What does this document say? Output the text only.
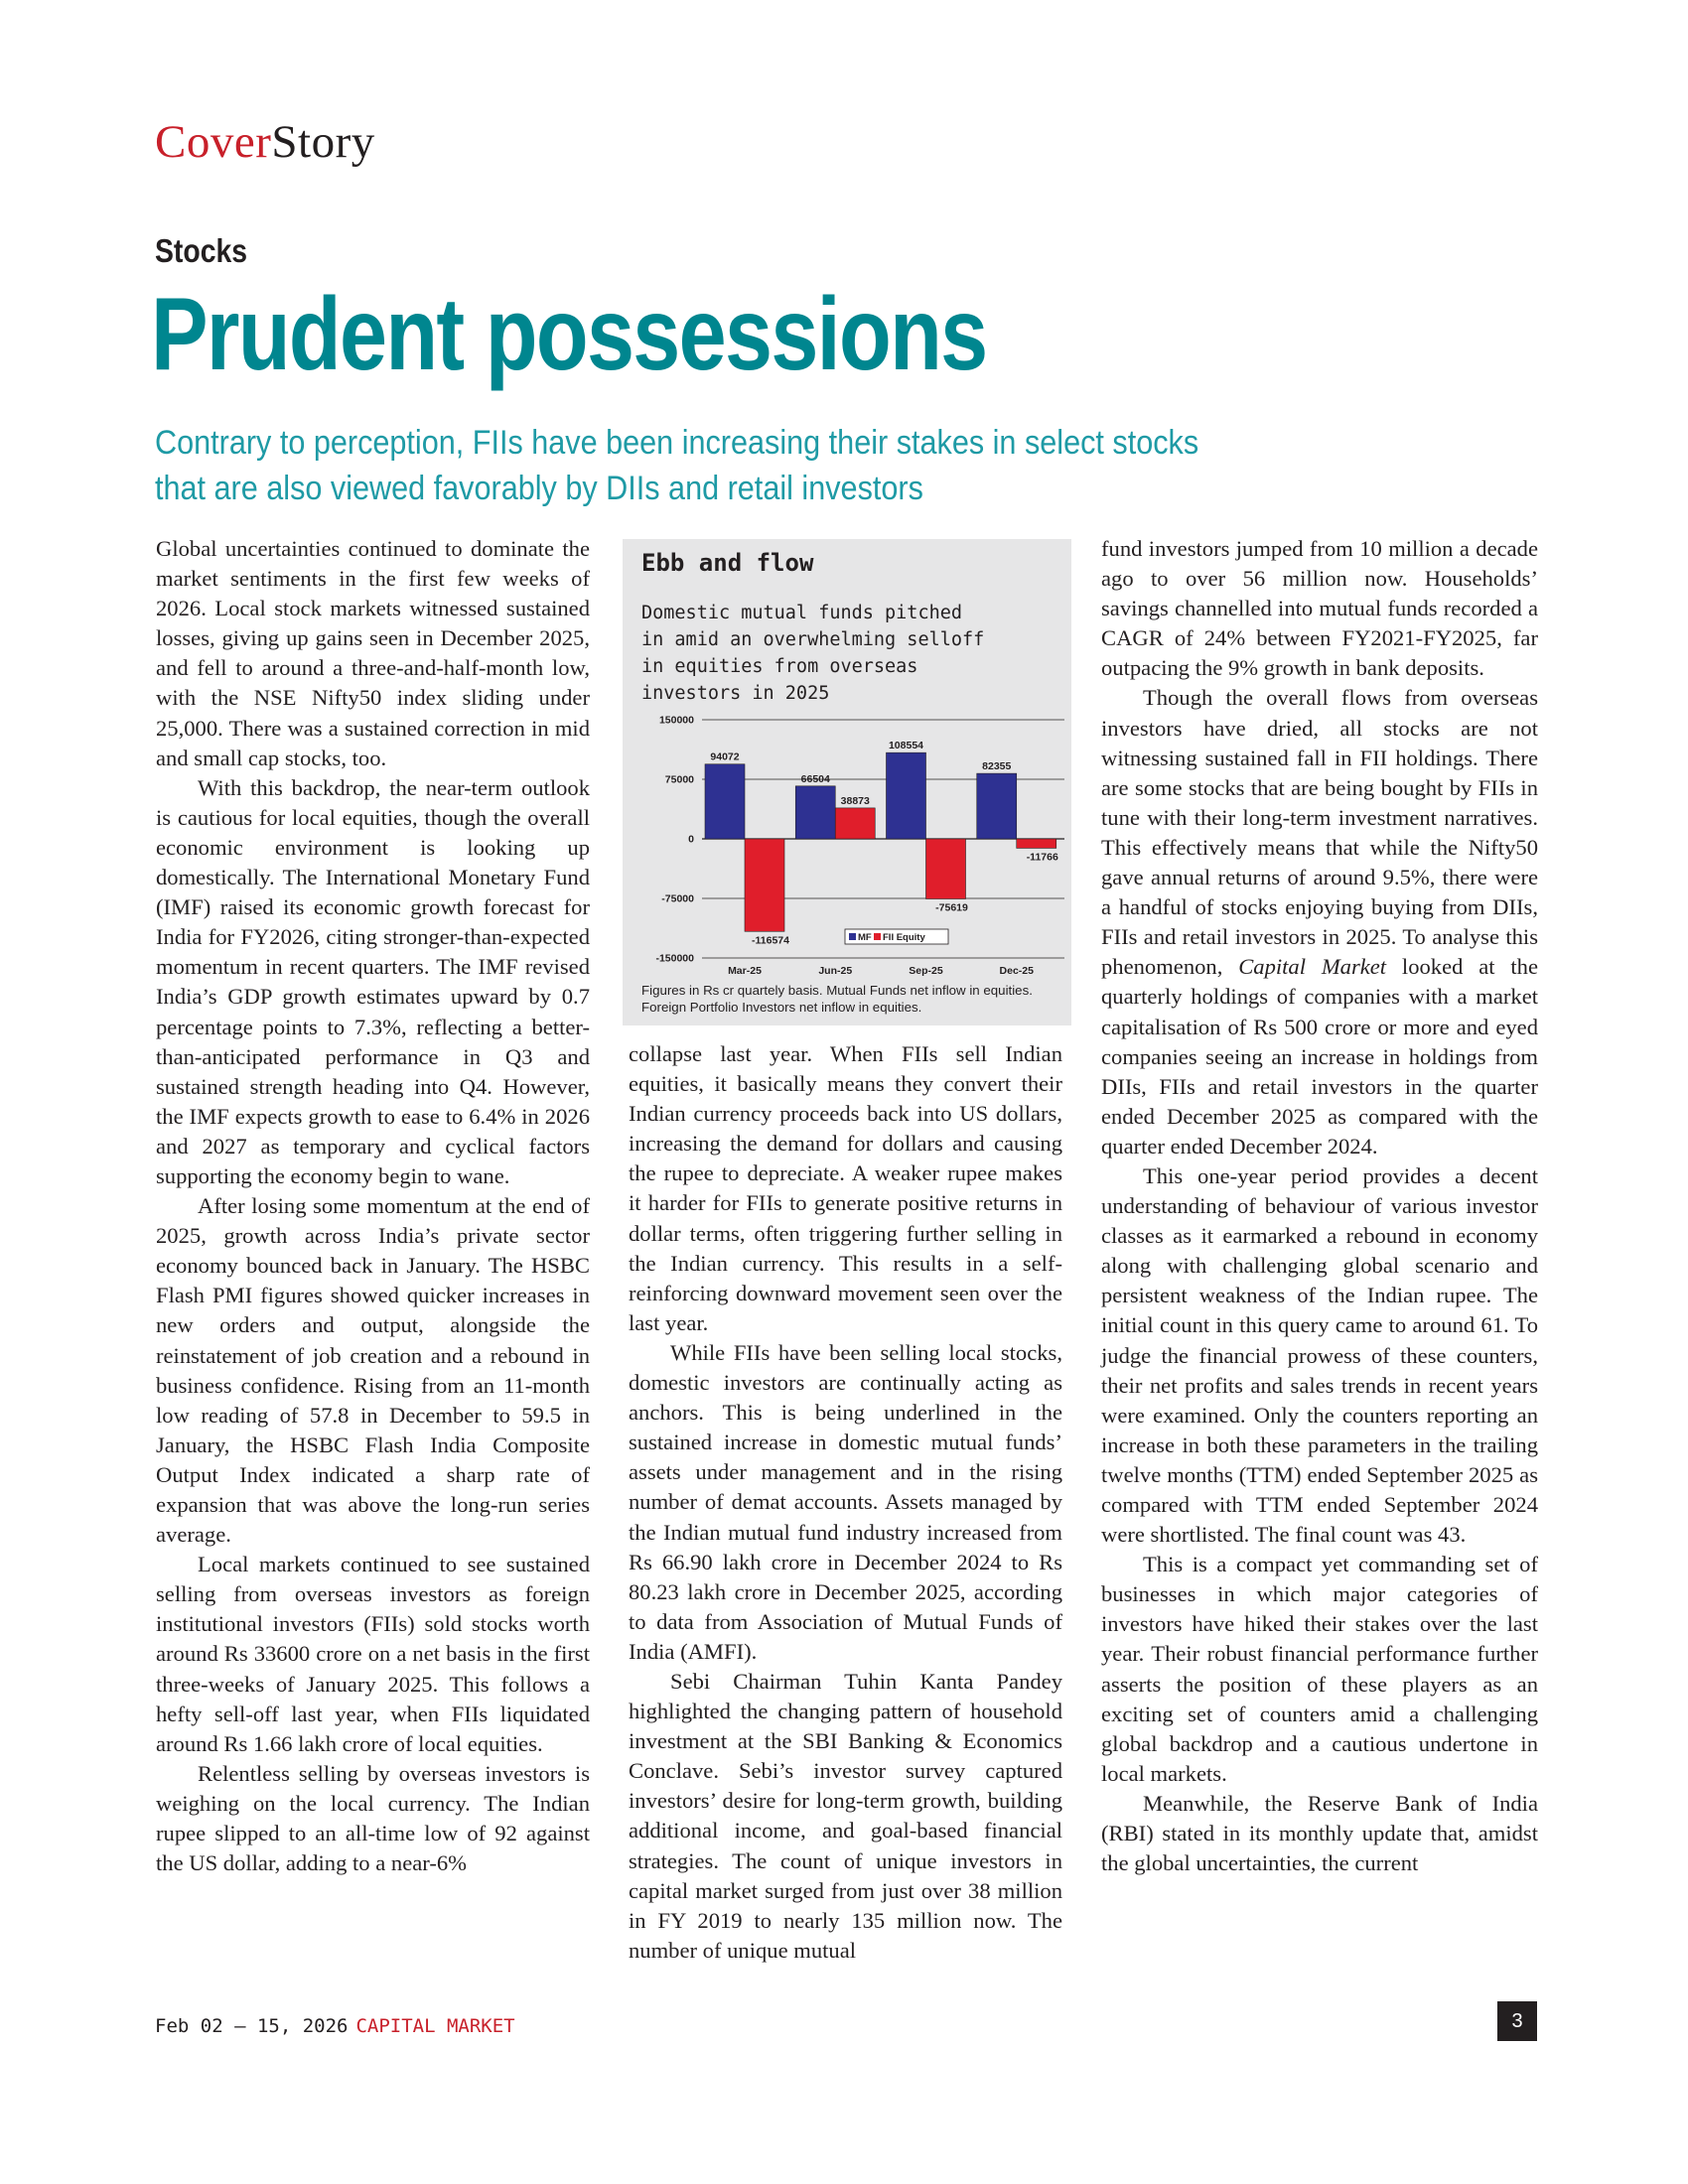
CoverStory
Stocks
Prudent possessions
Contrary to perception, FIIs have been increasing their stakes in select stocks
that are also viewed favorably by DIIs and retail investors

Global uncertainties continued to dominate the market sentiments in the first few weeks of 2026. Local stock markets witnessed sustained losses, giving up gains seen in December 2025, and fell to around a three-and-half-month low, with the NSE Nifty50 index sliding under 25,000. There was a sustained correction in mid and small cap stocks, too.

With this backdrop, the near-term outlook is cautious for local equities, though the overall economic environment is looking up domestically. The International Monetary Fund (IMF) raised its economic growth forecast for India for FY2026, citing stronger-than-expected momentum in recent quarters. The IMF revised India’s GDP growth estimates upward by 0.7 percentage points to 7.3%, reflecting a better-than-anticipated performance in Q3 and sustained strength heading into Q4. However, the IMF expects growth to ease to 6.4% in 2026 and 2027 as temporary and cyclical factors supporting the economy begin to wane.

After losing some momentum at the end of 2025, growth across India’s private sector economy bounced back in January. The HSBC Flash PMI figures showed quicker increases in new orders and output, alongside the reinstatement of job creation and a rebound in business confidence. Rising from an 11-month low reading of 57.8 in December to 59.5 in January, the HSBC Flash India Composite Output Index indicated a sharp rate of expansion that was above the long-run series average.

Local markets continued to see sustained selling from overseas investors as foreign institutional investors (FIIs) sold stocks worth around Rs 33600 crore on a net basis in the first three-weeks of January 2025. This follows a hefty sell-off last year, when FIIs liquidated around Rs 1.66 lakh crore of local equities.

Relentless selling by overseas investors is weighing on the local currency. The Indian rupee slipped to an all-time low of 92 against the US dollar, adding to a near-6%

Ebb and flow
Domestic mutual funds pitched
in amid an overwhelming selloff
in equities from overseas
investors in 2025
150000
75000
0
-75000
-150000
94072
-116574
Mar-25
66504
38873
Jun-25
108554
-75619
Sep-25
82355
-11766
Dec-25
MF FII Equity
Figures in Rs cr quartely basis. Mutual Funds net inflow in equities. Foreign Portfolio Investors net inflow in equities.

collapse last year. When FIIs sell Indian equities, it basically means they convert their Indian currency proceeds back into US dollars, increasing the demand for dollars and causing the rupee to depreciate. A weaker rupee makes it harder for FIIs to generate positive returns in dollar terms, often triggering further selling in the Indian currency. This results in a self-reinforcing downward movement seen over the last year.

While FIIs have been selling local stocks, domestic investors are continually acting as anchors. This is being underlined in the sustained increase in domestic mutual funds’ assets under management and in the rising number of demat accounts. Assets managed by the Indian mutual fund industry increased from Rs 66.90 lakh crore in December 2024 to Rs 80.23 lakh crore in December 2025, according to data from Association of Mutual Funds of India (AMFI).

Sebi Chairman Tuhin Kanta Pandey highlighted the changing pattern of household investment at the SBI Banking & Economics Conclave. Sebi’s investor survey captured investors’ desire for long-term growth, building additional income, and goal-based financial strategies. The count of unique investors in capital market surged from just over 38 million in FY 2019 to nearly 135 million now. The number of unique mutual

fund investors jumped from 10 million a decade ago to over 56 million now. Households’ savings channelled into mutual funds recorded a CAGR of 24% between FY2021-FY2025, far outpacing the 9% growth in bank deposits.

Though the overall flows from overseas investors have dried, all stocks are not witnessing sustained fall in FII holdings. There are some stocks that are being bought by FIIs in tune with their long-term investment narratives. This effectively means that while the Nifty50 gave annual returns of around 9.5%, there were a handful of stocks enjoying buying from DIIs, FIIs and retail investors in 2025. To analyse this phenomenon, Capital Market looked at the quarterly holdings of companies with a market capitalisation of Rs 500 crore or more and eyed companies seeing an increase in holdings from DIIs, FIIs and retail investors in the quarter ended December 2025 as compared with the quarter ended December 2024.

This one-year period provides a decent understanding of behaviour of various investor classes as it earmarked a rebound in economy along with challenging global scenario and persistent weakness of the Indian rupee. The initial count in this query came to around 61. To judge the financial prowess of these counters, their net profits and sales trends in recent years were examined. Only the counters reporting an increase in both these parameters in the trailing twelve months (TTM) ended September 2025 as compared with TTM ended September 2024 were shortlisted. The final count was 43.

This is a compact yet commanding set of businesses in which major categories of investors have hiked their stakes over the last year. Their robust financial performance further asserts the position of these players as an exciting set of counters amid a challenging global backdrop and a cautious undertone in local markets.

Meanwhile, the Reserve Bank of India (RBI) stated in its monthly update that, amidst the global uncertainties, the current

Feb 02 – 15, 2026 CAPITAL MARKET	3
